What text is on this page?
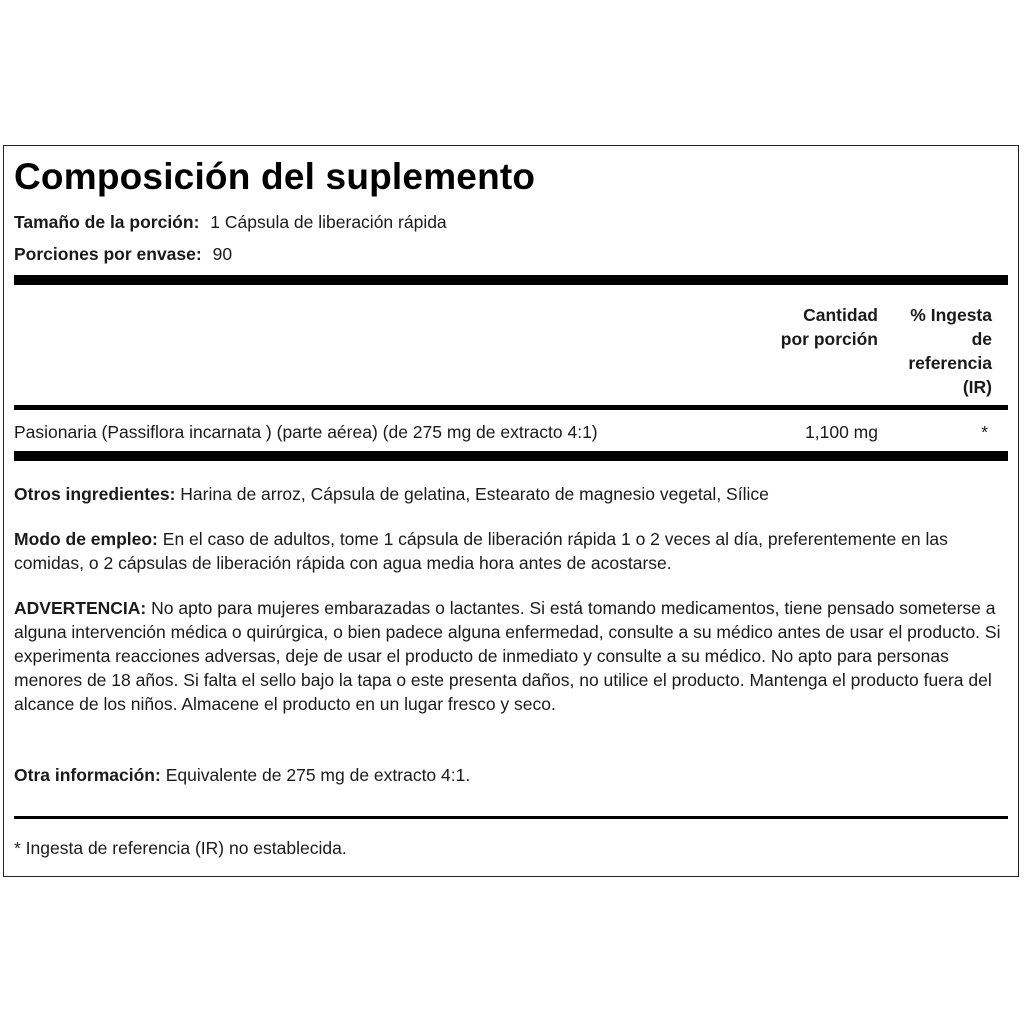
Composición del suplemento
Tamaño de la porción: 1 Cápsula de liberación rápida
Porciones por envase: 90
Cantidad
por porción
% Ingesta
de
referencia
(IR)
Pasionaria (Passiflora incarnata ) (parte aérea) (de 275 mg de extracto 4:1)	1,100 mg	*
Otros ingredientes: Harina de arroz, Cápsula de gelatina, Estearato de magnesio vegetal, Sílice
Modo de empleo: En el caso de adultos, tome 1 cápsula de liberación rápida 1 o 2 veces al día, preferentemente en las comidas, o 2 cápsulas de liberación rápida con agua media hora antes de acostarse.
ADVERTENCIA: No apto para mujeres embarazadas o lactantes. Si está tomando medicamentos, tiene pensado someterse a alguna intervención médica o quirúrgica, o bien padece alguna enfermedad, consulte a su médico antes de usar el producto. Si experimenta reacciones adversas, deje de usar el producto de inmediato y consulte a su médico. No apto para personas menores de 18 años. Si falta el sello bajo la tapa o este presenta daños, no utilice el producto. Mantenga el producto fuera del alcance de los niños. Almacene el producto en un lugar fresco y seco.
Otra información: Equivalente de 275 mg de extracto 4:1.
* Ingesta de referencia (IR) no establecida.
